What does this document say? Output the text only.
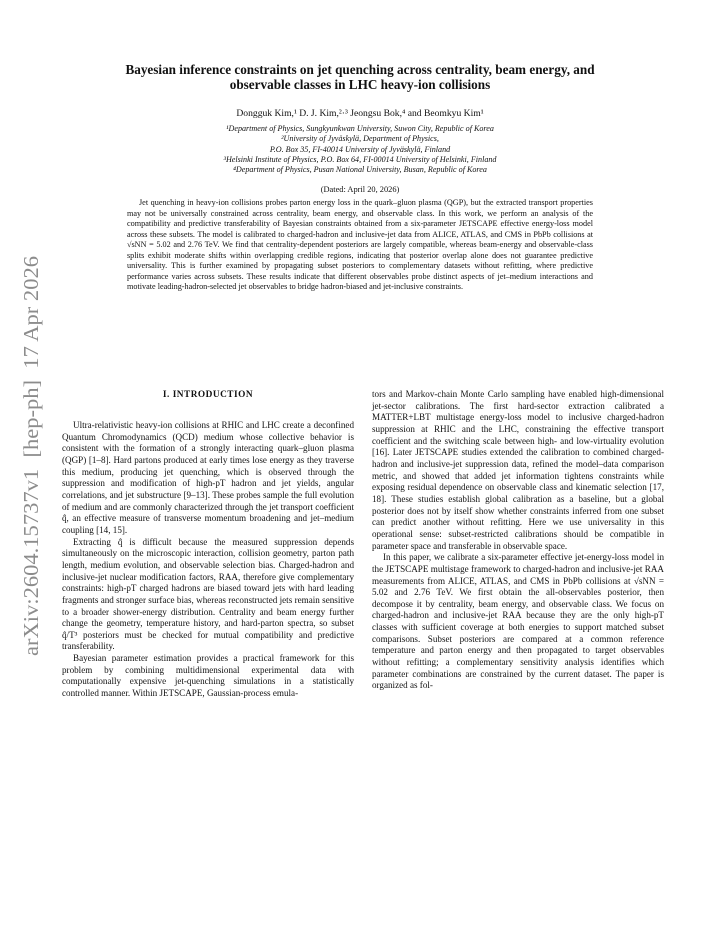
arXiv:2604.15737v1  [hep-ph]  17 Apr 2026
Bayesian inference constraints on jet quenching across centrality, beam energy, and
observable classes in LHC heavy-ion collisions
Dongguk Kim,¹ D. J. Kim,²·³ Jeongsu Bok,⁴ and Beomkyu Kim¹
¹Department of Physics, Sungkyunkwan University, Suwon City, Republic of Korea
²University of Jyväskylä, Department of Physics,
P.O. Box 35, FI-40014 University of Jyväskylä, Finland
³Helsinki Institute of Physics, P.O. Box 64, FI-00014 University of Helsinki, Finland
⁴Department of Physics, Pusan National University, Busan, Republic of Korea
(Dated: April 20, 2026)

Jet quenching in heavy-ion collisions probes parton energy loss in the quark–gluon plasma (QGP), but the extracted transport properties may not be universally constrained across centrality, beam energy, and observable class. In this work, we perform an analysis of the compatibility and predictive transferability of Bayesian constraints obtained from a six-parameter JETSCAPE effective energy-loss model across these subsets. The model is calibrated to charged-hadron and inclusive-jet data from ALICE, ATLAS, and CMS in PbPb collisions at √sNN = 5.02 and 2.76 TeV. We find that centrality-dependent posteriors are largely compatible, whereas beam-energy and observable-class splits exhibit moderate shifts within overlapping credible regions, indicating that posterior overlap alone does not guarantee predictive universality. This is further examined by propagating subset posteriors to complementary datasets without refitting, where predictive performance varies across subsets. These results indicate that different observables probe distinct aspects of jet–medium interactions and motivate leading-hadron-selected jet observables to bridge hadron-biased and jet-inclusive constraints.

I. INTRODUCTION

Ultra-relativistic heavy-ion collisions at RHIC and LHC create a deconfined Quantum Chromodynamics (QCD) medium whose collective behavior is consistent with the formation of a strongly interacting quark–gluon plasma (QGP) [1–8]. Hard partons produced at early times lose energy as they traverse this medium, producing jet quenching, which is observed through the suppression and modification of high-pT hadron and jet yields, angular correlations, and jet substructure [9–13]. These probes sample the full evolution of medium and are commonly characterized through the jet transport coefficient q̂, an effective measure of transverse momentum broadening and jet–medium coupling [14, 15].

Extracting q̂ is difficult because the measured suppression depends simultaneously on the microscopic interaction, collision geometry, parton path length, medium evolution, and observable selection bias. Charged-hadron and inclusive-jet nuclear modification factors, RAA, therefore give complementary constraints: high-pT charged hadrons are biased toward jets with hard leading fragments and stronger surface bias, whereas reconstructed jets remain sensitive to a broader shower-energy distribution. Centrality and beam energy further change the geometry, temperature history, and hard-parton spectra, so subset q̂/T³ posteriors must be checked for mutual compatibility and predictive transferability.

Bayesian parameter estimation provides a practical framework for this problem by combining multidimensional experimental data with computationally expensive jet-quenching simulations in a statistically controlled manner. Within JETSCAPE, Gaussian-process emula-

tors and Markov-chain Monte Carlo sampling have enabled high-dimensional jet-sector calibrations. The first hard-sector extraction calibrated a MATTER+LBT multistage energy-loss model to inclusive charged-hadron suppression at RHIC and the LHC, constraining the effective transport coefficient and the switching scale between high- and low-virtuality evolution [16]. Later JETSCAPE studies extended the calibration to combined charged-hadron and inclusive-jet suppression data, refined the model–data comparison metric, and showed that added jet information tightens constraints while exposing residual dependence on observable class and kinematic selection [17, 18]. These studies establish global calibration as a baseline, but a global posterior does not by itself show whether constraints inferred from one subset can predict another without refitting. Here we use universality in this operational sense: subset-restricted calibrations should be compatible in parameter space and transferable in observable space.

In this paper, we calibrate a six-parameter effective jet-energy-loss model in the JETSCAPE multistage framework to charged-hadron and inclusive-jet RAA measurements from ALICE, ATLAS, and CMS in PbPb collisions at √sNN = 5.02 and 2.76 TeV. We first obtain the all-observables posterior, then decompose it by centrality, beam energy, and observable class. We focus on charged-hadron and inclusive-jet RAA because they are the only high-pT classes with sufficient coverage at both energies to support matched subset comparisons. Subset posteriors are compared at a common reference temperature and parton energy and then propagated to target observables without refitting; a complementary sensitivity analysis identifies which parameter combinations are constrained by the current dataset. The paper is organized as fol-
